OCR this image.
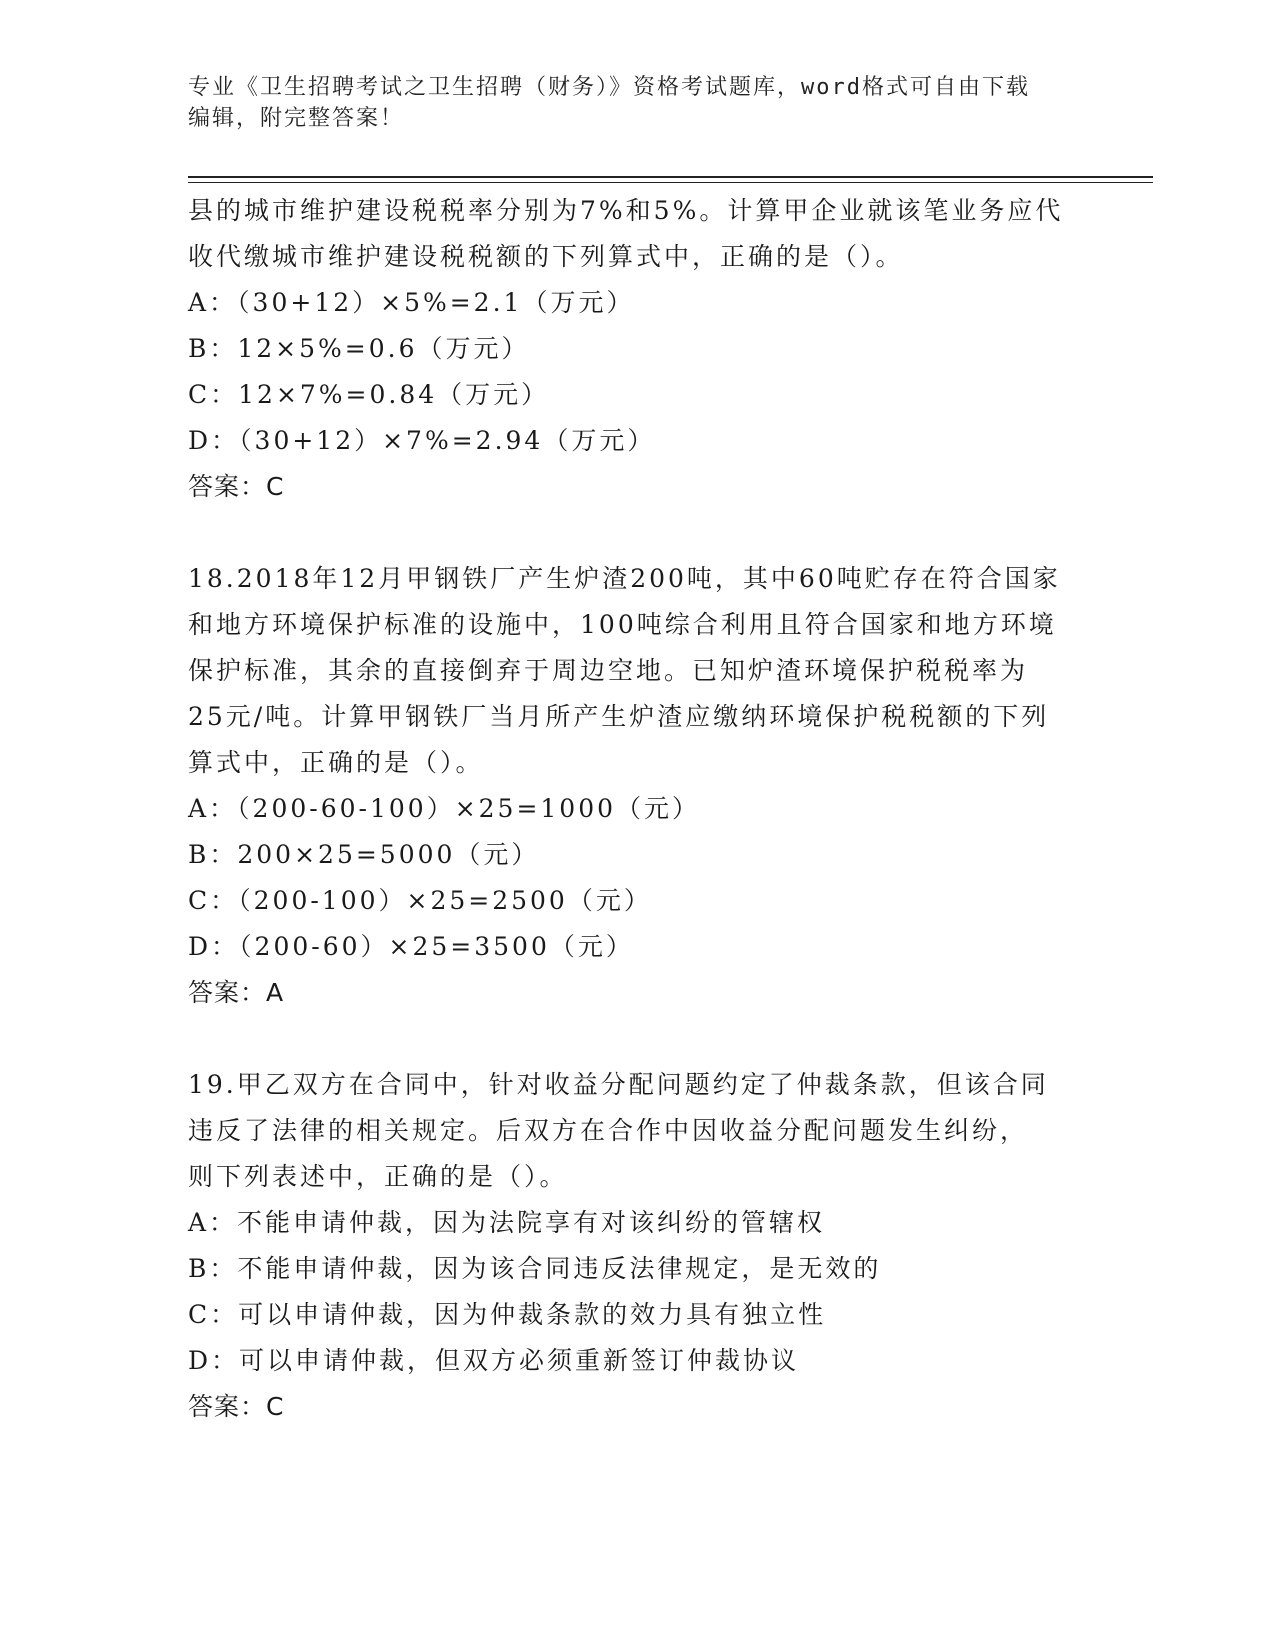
专业《卫生招聘考试之卫生招聘（财务）》资格考试题库，word格式可自由下载
编辑，附完整答案！
县的城市维护建设税税率分别为7%和5%。计算甲企业就该笔业务应代
收代缴城市维护建设税税额的下列算式中，正确的是（）。
A：（30+12）×5%=2.1（万元）
B：12×5%=0.6（万元）
C：12×7%=0.84（万元）
D：（30+12）×7%=2.94（万元）
答案：C
18.2018年12月甲钢铁厂产生炉渣200吨，其中60吨贮存在符合国家
和地方环境保护标准的设施中，100吨综合利用且符合国家和地方环境
保护标准，其余的直接倒弃于周边空地。已知炉渣环境保护税税率为
25元/吨。计算甲钢铁厂当月所产生炉渣应缴纳环境保护税税额的下列
算式中，正确的是（）。
A：（200-60-100）×25=1000（元）
B：200×25=5000（元）
C：（200-100）×25=2500（元）
D：（200-60）×25=3500（元）
答案：A
19.甲乙双方在合同中，针对收益分配问题约定了仲裁条款，但该合同
违反了法律的相关规定。后双方在合作中因收益分配问题发生纠纷，
则下列表述中，正确的是（）。
A：不能申请仲裁，因为法院享有对该纠纷的管辖权
B：不能申请仲裁，因为该合同违反法律规定，是无效的
C：可以申请仲裁，因为仲裁条款的效力具有独立性
D：可以申请仲裁，但双方必须重新签订仲裁协议
答案：C
